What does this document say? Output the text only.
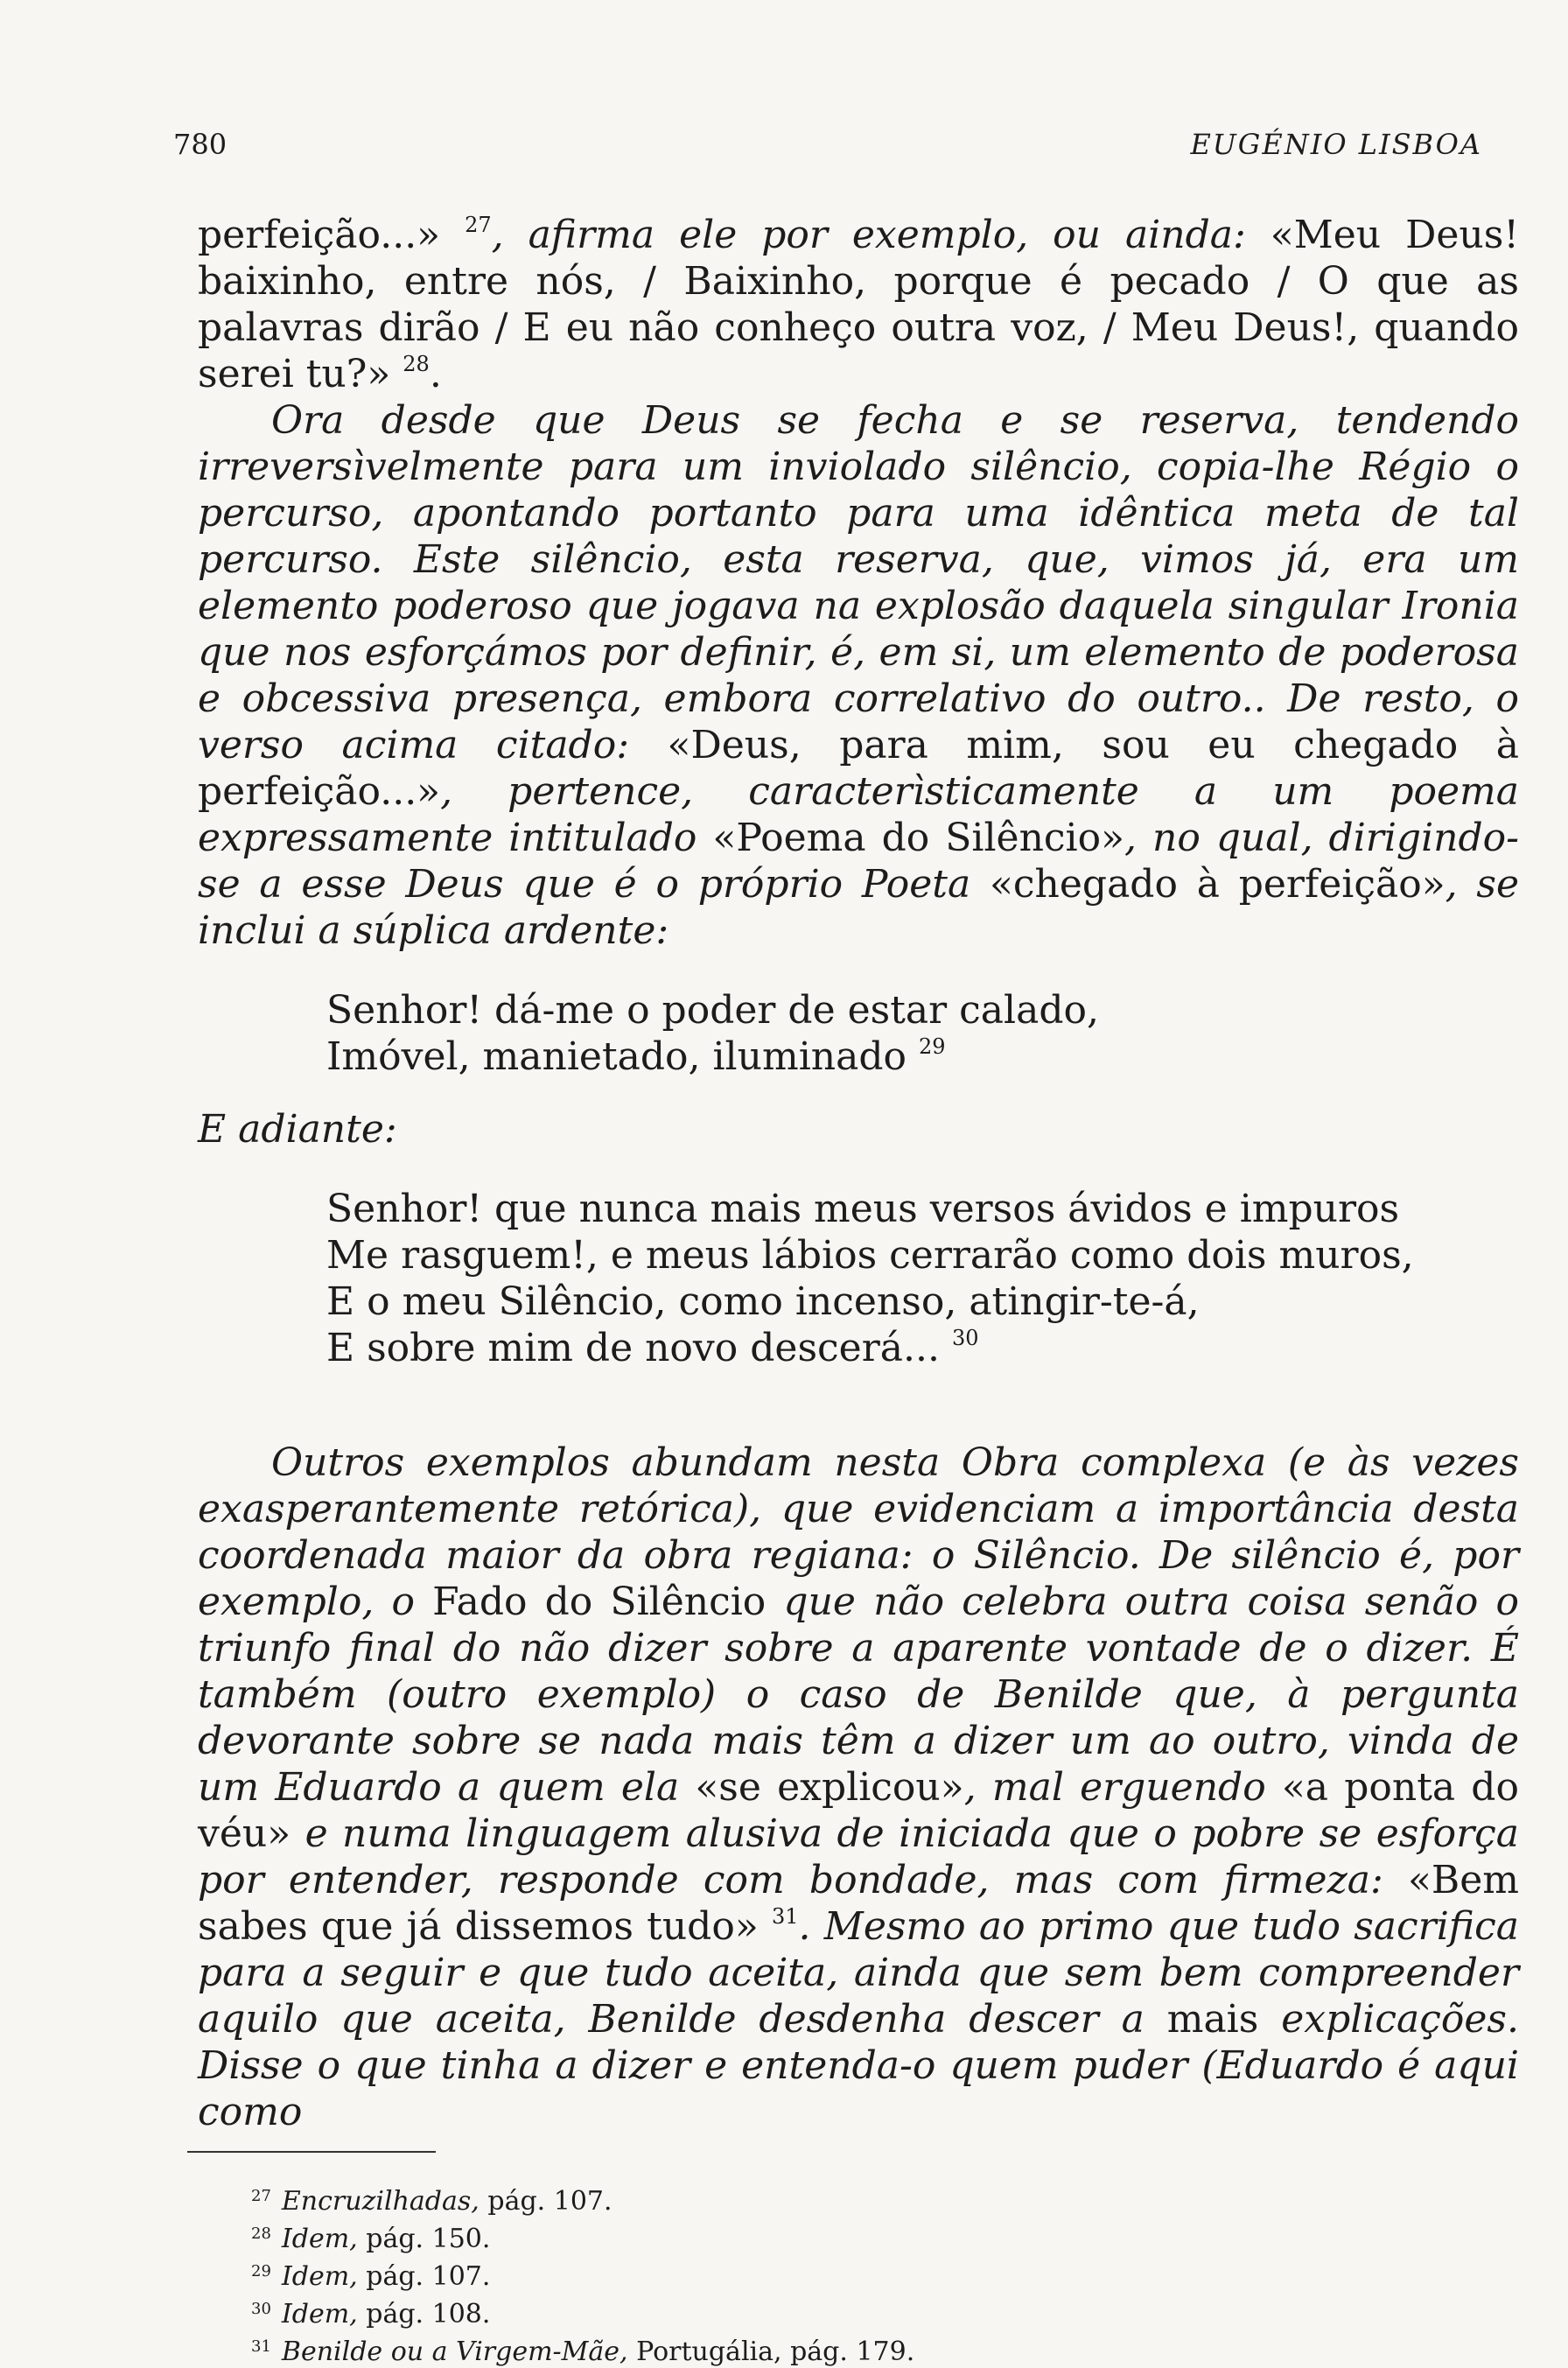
780	EUGÉNIO LISBOA

perfeição...» $^{27}$, afirma ele por exemplo, ou ainda: «Meu Deus! baixinho, entre nós, / Baixinho, porque é pecado / O que as palavras dirão / E eu não conheço outra voz, / Meu Deus!, quando serei tu?» $^{28}$.

Ora desde que Deus se fecha e se reserva, tendendo irreversìvelmente para um inviolado silêncio, copia-lhe Régio o percurso, apontando portanto para uma idêntica meta de tal percurso. Este silêncio, esta reserva, que, vimos já, era um elemento poderoso que jogava na explosão daquela singular Ironia que nos esforçámos por definir, é, em si, um elemento de poderosa e obcessiva presença, embora correlativo do outro.. De resto, o verso acima citado: «Deus, para mim, sou eu chegado à perfeição...», pertence, caracterìsticamente a um poema expressamente intitulado «Poema do Silêncio», no qual, dirigindo-se a esse Deus que é o próprio Poeta «chegado à perfeição», se inclui a súplica ardente:

Senhor! dá-me o poder de estar calado,
Imóvel, manietado, iluminado $^{29}$

E adiante:

Senhor! que nunca mais meus versos ávidos e impuros
Me rasguem!, e meus lábios cerrarão como dois muros,
E o meu Silêncio, como incenso, atingir-te-á,
E sobre mim de novo descerá... $^{30}$

Outros exemplos abundam nesta Obra complexa (e às vezes exasperantemente retórica), que evidenciam a importância desta coordenada maior da obra regiana: o Silêncio. De silêncio é, por exemplo, o Fado do Silêncio que não celebra outra coisa senão o triunfo final do não dizer sobre a aparente vontade de o dizer. É também (outro exemplo) o caso de Benilde que, à pergunta devorante sobre se nada mais têm a dizer um ao outro, vinda de um Eduardo a quem ela «se explicou», mal erguendo «a ponta do véu» e numa linguagem alusiva de iniciada que o pobre se esforça por entender, responde com bondade, mas com firmeza: «Bem sabes que já dissemos tudo» $^{31}$. Mesmo ao primo que tudo sacrifica para a seguir e que tudo aceita, ainda que sem bem compreender aquilo que aceita, Benilde desdenha descer a mais explicações. Disse o que tinha a dizer e entenda-o quem puder (Eduardo é aqui como

$^{27}$ Encruzilhadas, pág. 107.
$^{28}$ Idem, pág. 150.
$^{29}$ Idem, pág. 107.
$^{30}$ Idem, pág. 108.
$^{31}$ Benilde ou a Virgem-Mãe, Portugália, pág. 179.
